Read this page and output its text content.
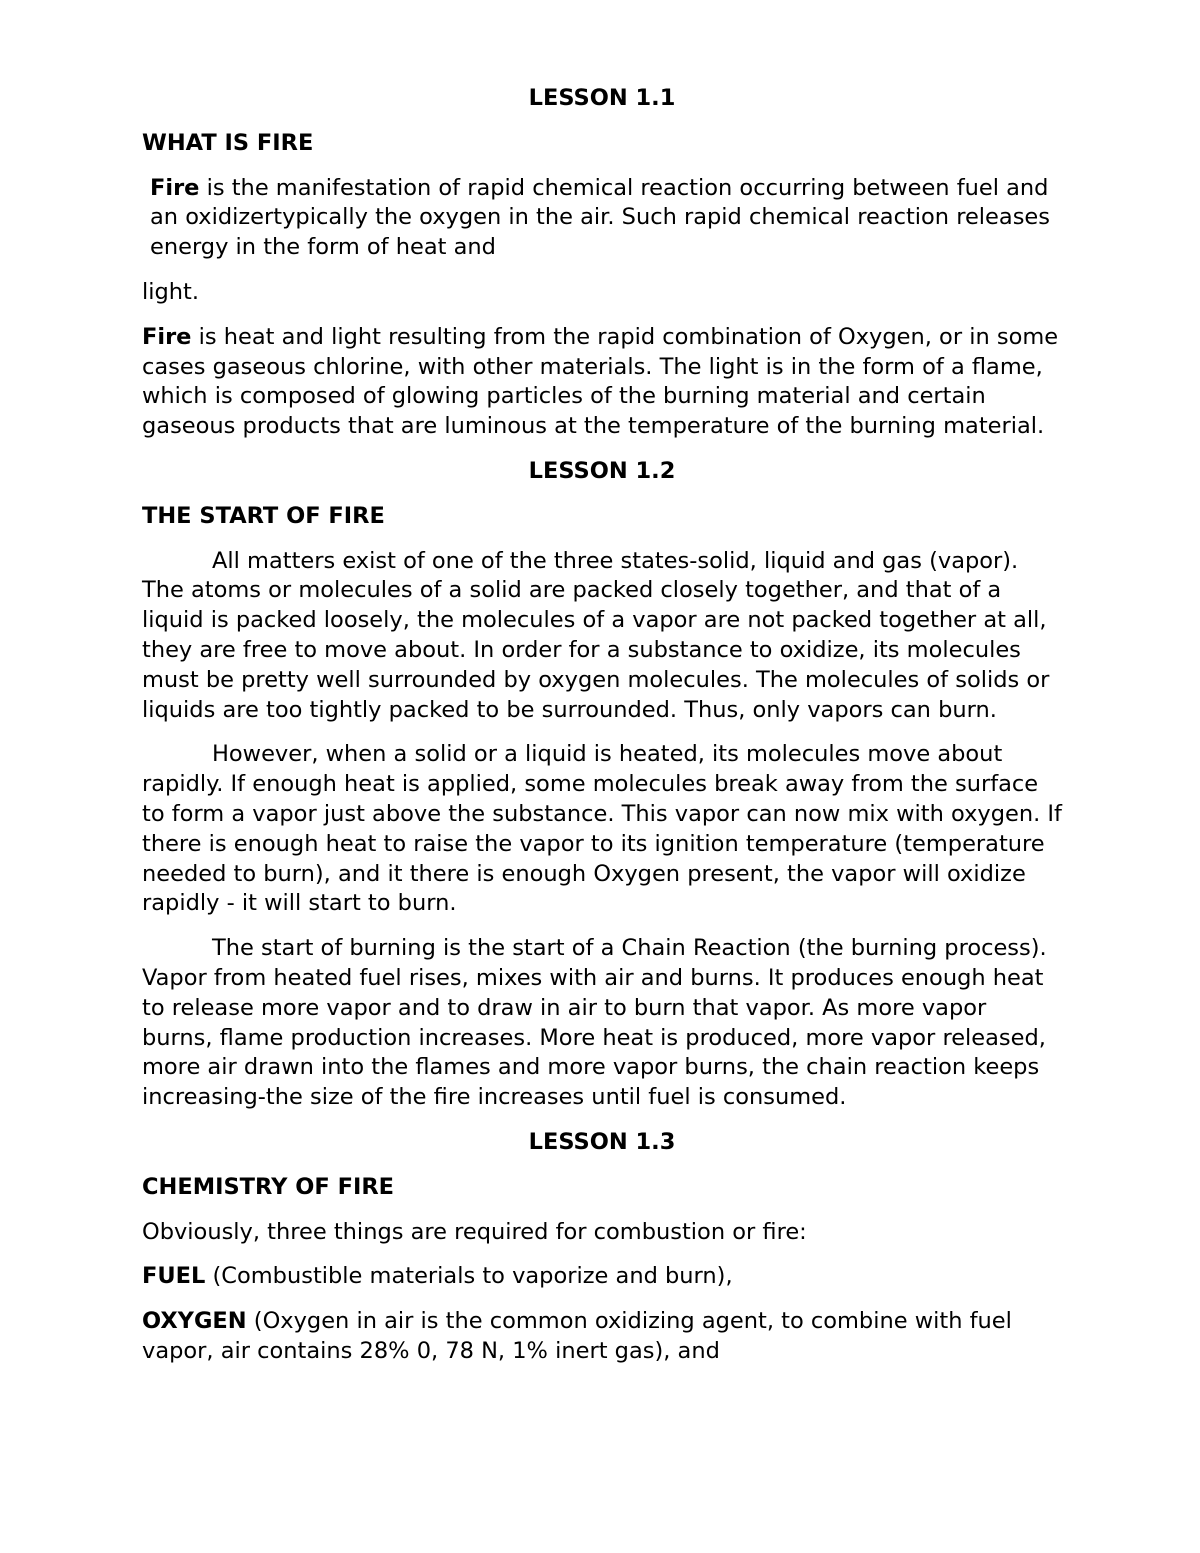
LESSON 1.1
WHAT IS FIRE

Fire is the manifestation of rapid chemical reaction occurring between fuel and an oxidizertypically the oxygen in the air. Such rapid chemical reaction releases energy in the form of heat and

light.

Fire is heat and light resulting from the rapid combination of Oxygen, or in some cases gaseous chlorine, with other materials. The light is in the form of a flame, which is composed of glowing particles of the burning material and certain gaseous products that are luminous at the temperature of the burning material.

LESSON 1.2
THE START OF FIRE

All matters exist of one of the three states-solid, liquid and gas (vapor). The atoms or molecules of a solid are packed closely together, and that of a liquid is packed loosely, the molecules of a vapor are not packed together at all, they are free to move about. In order for a substance to oxidize, its molecules must be pretty well surrounded by oxygen molecules. The molecules of solids or liquids are too tightly packed to be surrounded. Thus, only vapors can burn.

However, when a solid or a liquid is heated, its molecules move about rapidly. If enough heat is applied, some molecules break away from the surface to form a vapor just above the substance. This vapor can now mix with oxygen. If there is enough heat to raise the vapor to its ignition temperature (temperature needed to burn), and it there is enough Oxygen present, the vapor will oxidize rapidly - it will start to burn.

The start of burning is the start of a Chain Reaction (the burning process). Vapor from heated fuel rises, mixes with air and burns. It produces enough heat to release more vapor and to draw in air to burn that vapor. As more vapor burns, flame production increases. More heat is produced, more vapor released, more air drawn into the flames and more vapor burns, the chain reaction keeps increasing-the size of the fire increases until fuel is consumed.

LESSON 1.3
CHEMISTRY OF FIRE

Obviously, three things are required for combustion or fire:

FUEL (Combustible materials to vaporize and burn),

OXYGEN (Oxygen in air is the common oxidizing agent, to combine with fuel vapor, air contains 28% 0, 78 N, 1% inert gas), and
